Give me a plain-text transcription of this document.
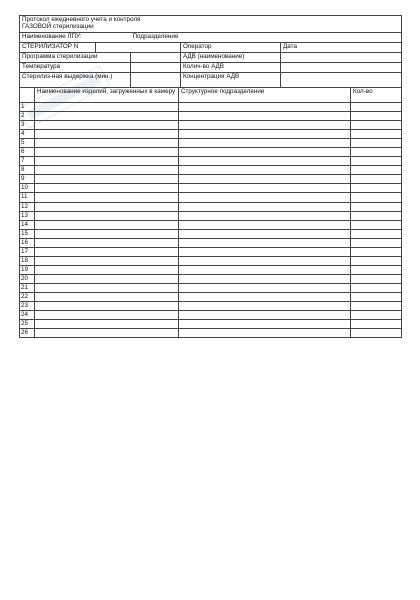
Протокол ежедневного учета и контроля
ГАЗОВОЙ стерилизации				

Наименование ЛПУ:		Подразделение		
СТЕРИЛИЗАТОР N			Оператор	Дата
Программа стерилизации			АДВ (наименование)	
Температура			Колич-во АДВ	
Стерилиз-ная выдержка (мин.)			Концентрация АДВ	
	Наименование изделий, загруженных в камеру	Структурное подразделение	Кол-во
1			
2			
3			
4			
5			
6			
7			
8			
9			
10			
11			
12			
13			
14			
15			
16			
17			
18			
19			
20			
21			
22			
23			
24			
25			
26			
